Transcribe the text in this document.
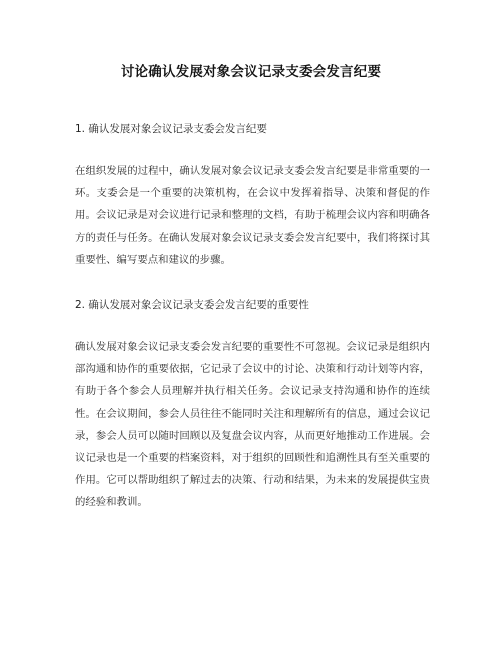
讨论确认发展对象会议记录支委会发言纪要
1. 确认发展对象会议记录支委会发言纪要
在组织发展的过程中，确认发展对象会议记录支委会发言纪要是非常重要的一环。支委会是一个重要的决策机构，在会议中发挥着指导、决策和督促的作用。会议记录是对会议进行记录和整理的文档，有助于梳理会议内容和明确各方的责任与任务。在确认发展对象会议记录支委会发言纪要中，我们将探讨其重要性、编写要点和建议的步骤。
2. 确认发展对象会议记录支委会发言纪要的重要性
确认发展对象会议记录支委会发言纪要的重要性不可忽视。会议记录是组织内部沟通和协作的重要依据，它记录了会议中的讨论、决策和行动计划等内容，有助于各个参会人员理解并执行相关任务。会议记录支持沟通和协作的连续性。在会议期间，参会人员往往不能同时关注和理解所有的信息，通过会议记录，参会人员可以随时回顾以及复盘会议内容，从而更好地推动工作进展。会议记录也是一个重要的档案资料，对于组织的回顾性和追溯性具有至关重要的作用。它可以帮助组织了解过去的决策、行动和结果，为未来的发展提供宝贵的经验和教训。
